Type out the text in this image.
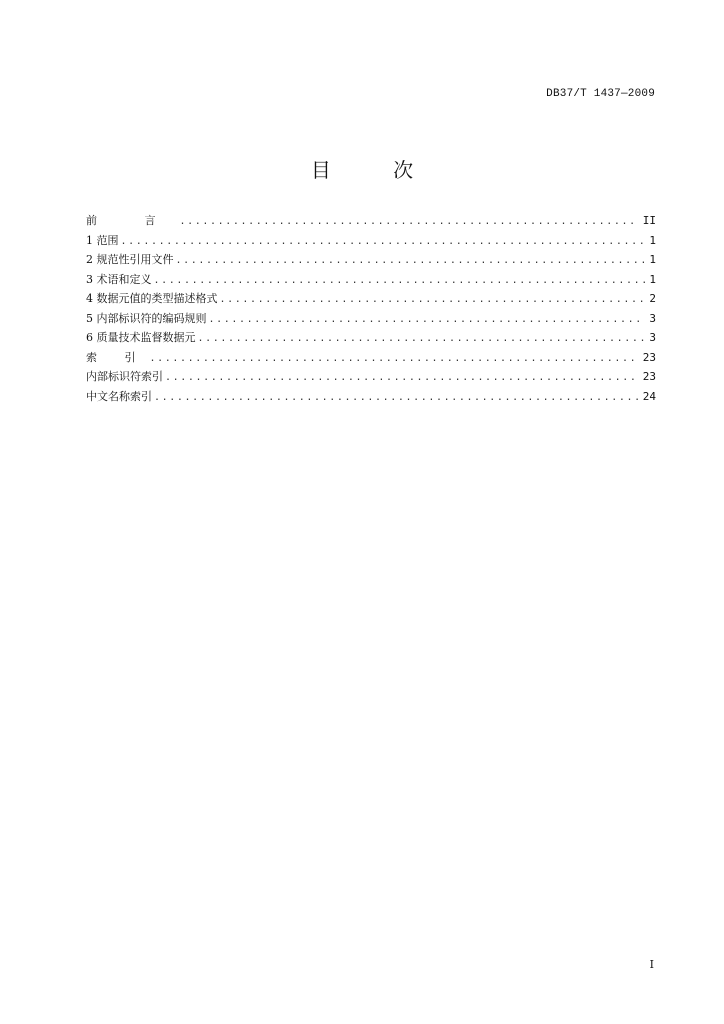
DB37/T 1437—2009
目 次
前 言 .....	II
1 范围 .....	1
2 规范性引用文件 .....	1
3 术语和定义 .....	1
4 数据元值的类型描述格式 .....	2
5 内部标识符的编码规则 .....	3
6 质量技术监督数据元 .....	3
索 引 .....	23
内部标识符索引 .....	23
中文名称索引 .....	24
I
